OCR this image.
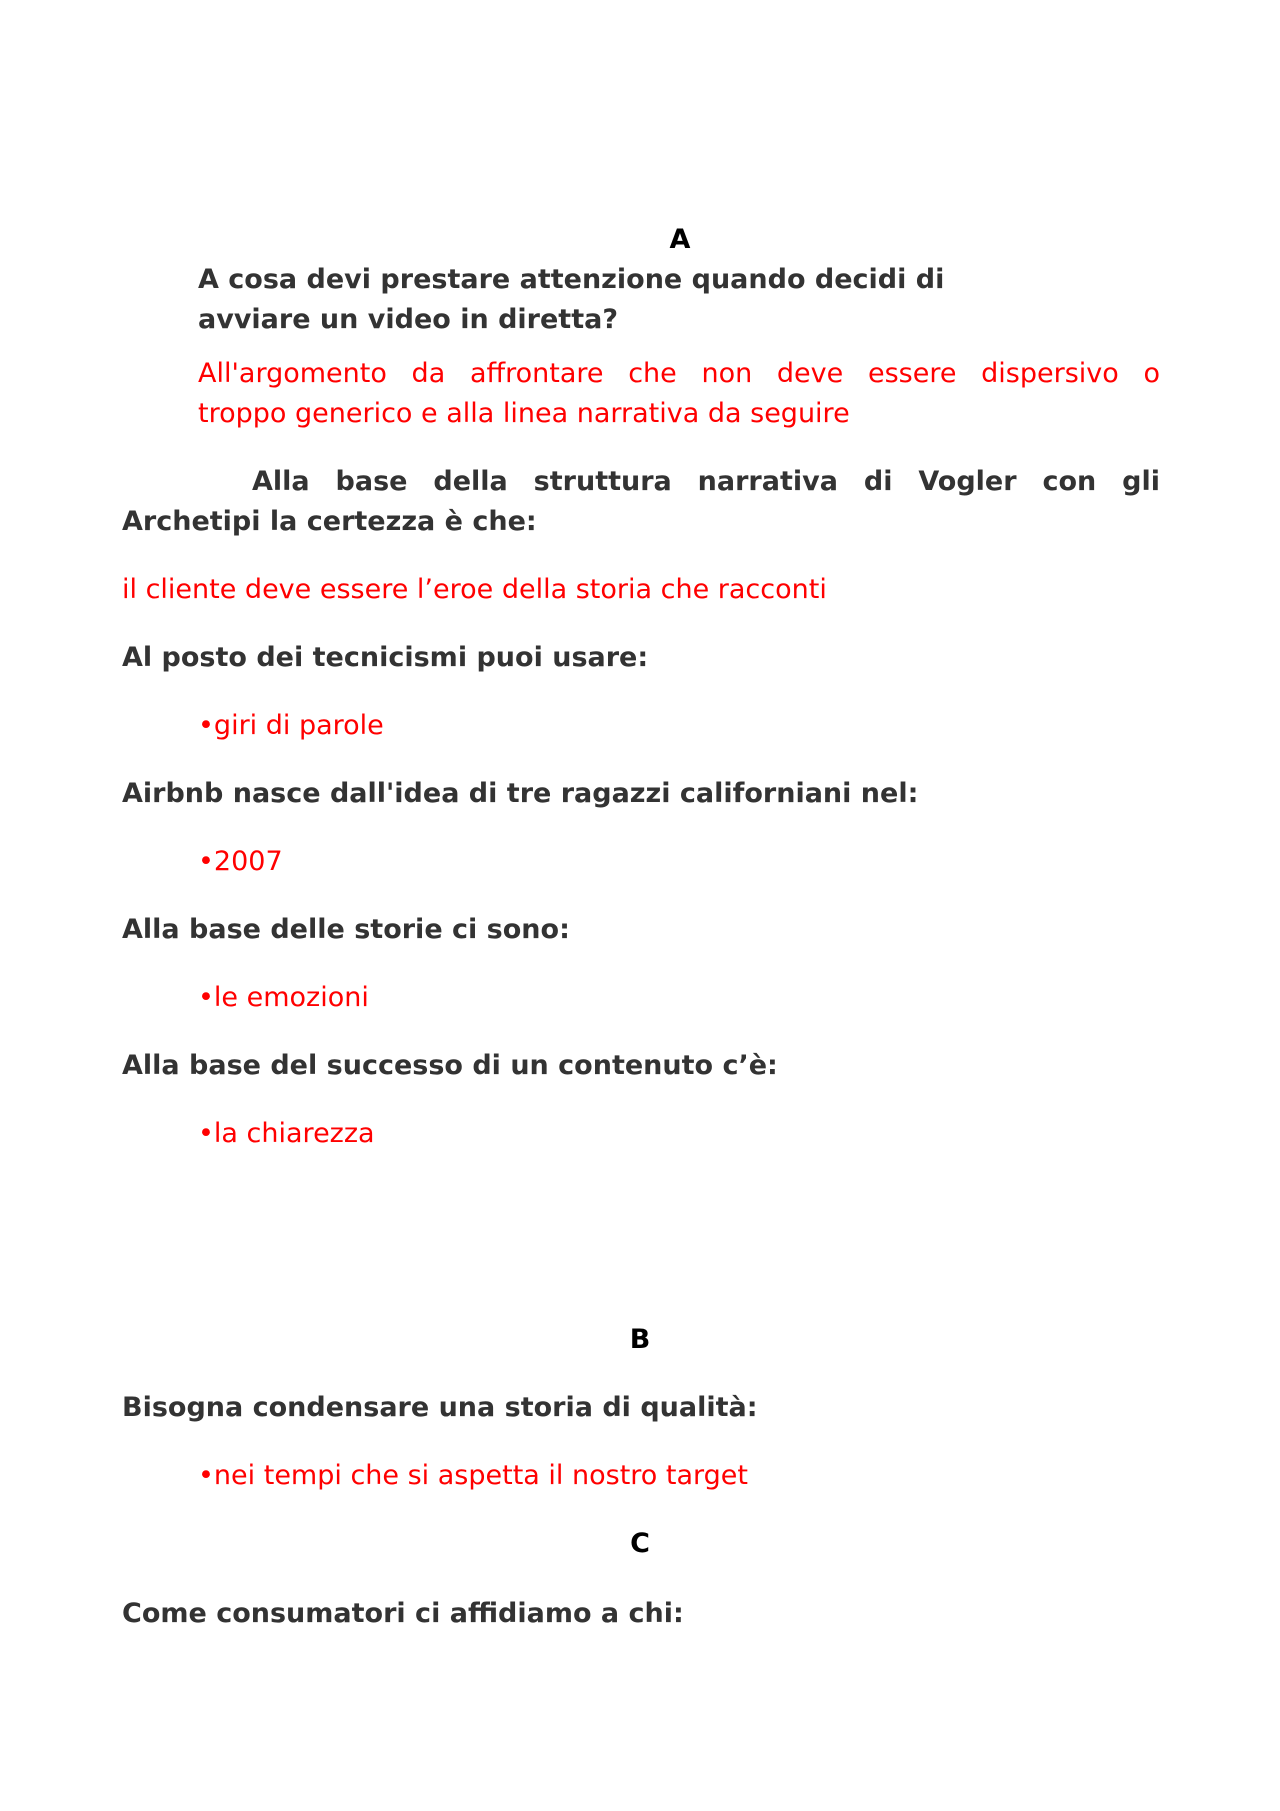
A

A cosa devi prestare attenzione quando decidi di

avviare un video in diretta?

All'argomento da affrontare che non deve essere dispersivo o

troppo generico e alla linea narrativa da seguire

Alla base della struttura narrativa di Vogler con gli

Archetipi la certezza è che:

il cliente deve essere l’eroe della storia che racconti

Al posto dei tecnicismi puoi usare:

•giri di parole

Airbnb nasce dall'idea di tre ragazzi californiani nel:

•2007

Alla base delle storie ci sono:

•le emozioni

Alla base del successo di un contenuto c’è:

•la chiarezza

B

Bisogna condensare una storia di qualità:

•nei tempi che si aspetta il nostro target

C

Come consumatori ci affidiamo a chi:
